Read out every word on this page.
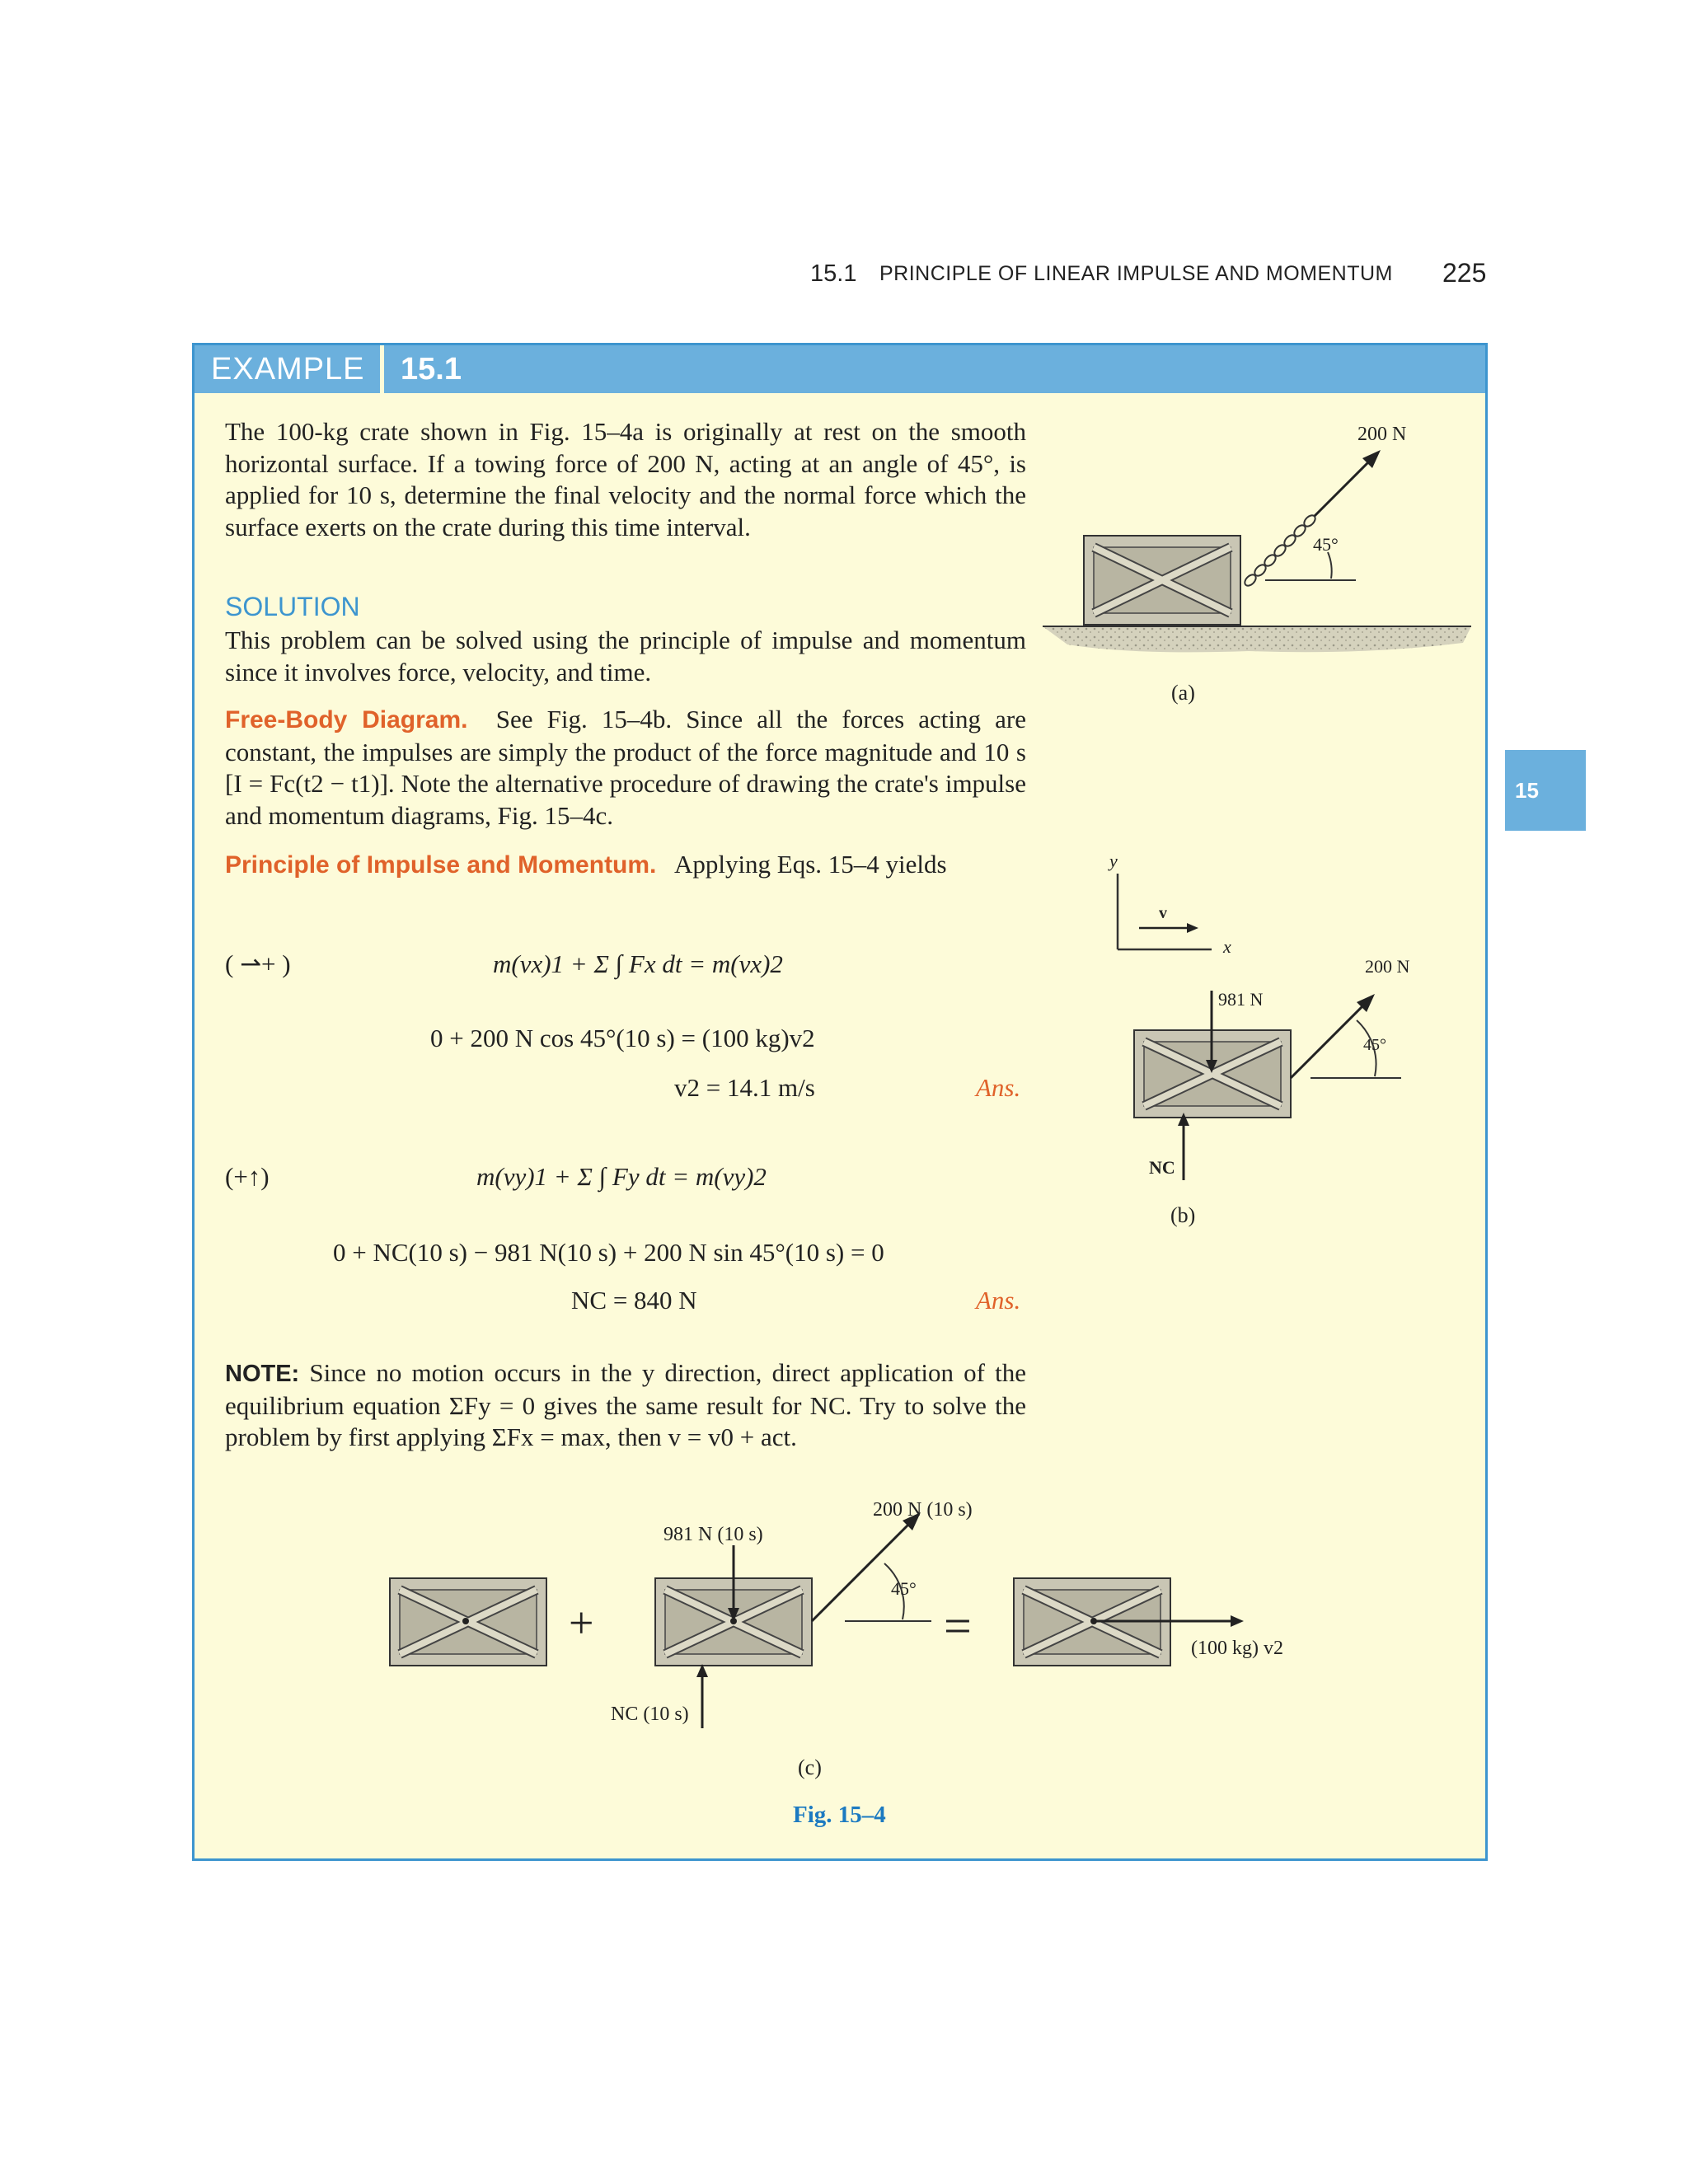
15.1 PRINCIPLE OF LINEAR IMPULSE AND MOMENTUM 225
15
EXAMPLE 15.1
The 100-kg crate shown in Fig. 15–4a is originally at rest on the smooth horizontal surface. If a towing force of 200 N, acting at an angle of 45°, is applied for 10 s, determine the final velocity and the normal force which the surface exerts on the crate during this time interval.
SOLUTION
This problem can be solved using the principle of impulse and momentum since it involves force, velocity, and time.
Free-Body Diagram. See Fig. 15–4b. Since all the forces acting are constant, the impulses are simply the product of the force magnitude and 10 s [I = Fc(t2 − t1)]. Note the alternative procedure of drawing the crate's impulse and momentum diagrams, Fig. 15–4c.
Principle of Impulse and Momentum. Applying Eqs. 15–4 yields
( ⇀+ )	m(vx)1 + Σ ∫ Fx dt = m(vx)2
0 + 200 N cos 45°(10 s) = (100 kg)v2
v2 = 14.1 m/s	Ans.
(+↑)	m(vy)1 + Σ ∫ Fy dt = m(vy)2
0 + NC(10 s) − 981 N(10 s) + 200 N sin 45°(10 s) = 0
NC = 840 N	Ans.
NOTE: Since no motion occurs in the y direction, direct application of the equilibrium equation ΣFy = 0 gives the same result for NC. Try to solve the problem by first applying ΣFx = max, then v = v0 + act.
45°
200 N
(a)
y
x
v
981 N
NC
200 N
45°
(b)
+
981 N (10 s)
NC (10 s)
200 N (10 s)
45°
=	(100 kg) v2
(c)
Fig. 15–4
